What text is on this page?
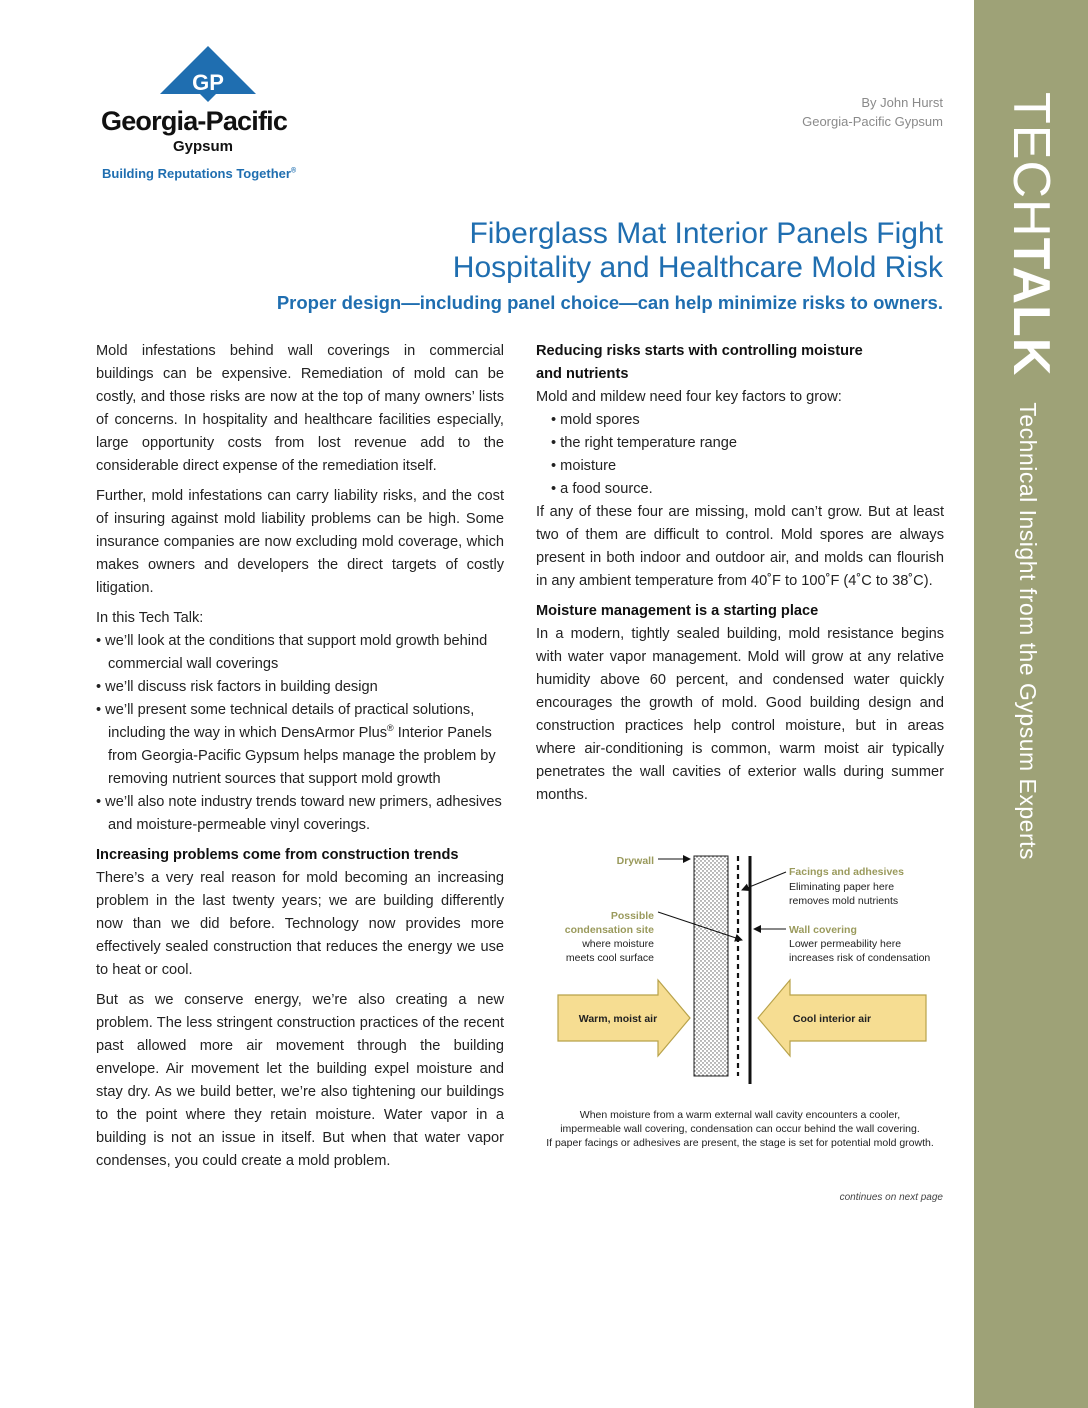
TECHTALKTechnical Insight from the Gypsum Experts
GP
Georgia-Pacific
Gypsum
Building Reputations Together®
By John Hurst
Georgia-Pacific Gypsum
Fiberglass Mat Interior Panels Fight
Hospitality and Healthcare Mold Risk
Proper design—including panel choice—can help minimize risks to owners.

Mold infestations behind wall coverings in commercial buildings can be expensive. Remediation of mold can be costly, and those risks are now at the top of many owners’ lists of concerns. In hospitality and healthcare facilities especially, large opportunity costs from lost revenue add to the considerable direct expense of the remediation itself.

Further, mold infestations can carry liability risks, and the cost of insuring against mold liability problems can be high. Some insurance companies are now excluding mold coverage, which makes owners and developers the direct targets of costly litigation.

In this Tech Talk:

• we’ll look at the conditions that support mold growth behind commercial wall coverings
• we’ll discuss risk factors in building design
• we’ll present some technical details of practical solutions, including the way in which DensArmor Plus® Interior Panels from Georgia-Pacific Gypsum helps manage the problem by removing nutrient sources that support mold growth
• we’ll also note industry trends toward new primers, adhesives and moisture-permeable vinyl coverings.
Increasing problems come from construction trends

There’s a very real reason for mold becoming an increasing problem in the last twenty years; we are building differently now than we did before. Technology now provides more effectively sealed construction that reduces the energy we use to heat or cool.

But as we conserve energy, we’re also creating a new problem. The less stringent construction practices of the recent past allowed more air movement through the building envelope. Air movement let the building expel moisture and stay dry. As we build better, we’re also tightening our buildings to the point where they retain moisture. Water vapor in a building is not an issue in itself. But when that water vapor condenses, you could create a mold problem.

Reducing risks starts with controlling moisture
and nutrients

Mold and mildew need four key factors to grow:

• mold spores
• the right temperature range
• moisture
• a food source.

If any of these four are missing, mold can’t grow. But at least two of them are difficult to control. Mold spores are always present in both indoor and outdoor air, and molds can flourish in any ambient temperature from 40˚F to 100˚F (4˚C to 38˚C).

Moisture management is a starting place

In a modern, tightly sealed building, mold resistance begins with water vapor management. Mold will grow at any relative humidity above 60 percent, and condensed water quickly encourages the growth of mold. Good building design and construction practices help control moisture, but in areas where air-conditioning is common, warm moist air typically penetrates the wall cavities of exterior walls during summer months.

Warm, moist air	Cool interior air
Drywall
Possible
condensation site
where moisture
meets cool surface
Facings and adhesives
Eliminating paper here
removes mold nutrients
Wall covering
Lower permeability here
increases risk of condensation
When moisture from a warm external wall cavity encounters a cooler,
impermeable wall covering, condensation can occur behind the wall covering.
If paper facings or adhesives are present, the stage is set for potential mold growth.
continues on next page
